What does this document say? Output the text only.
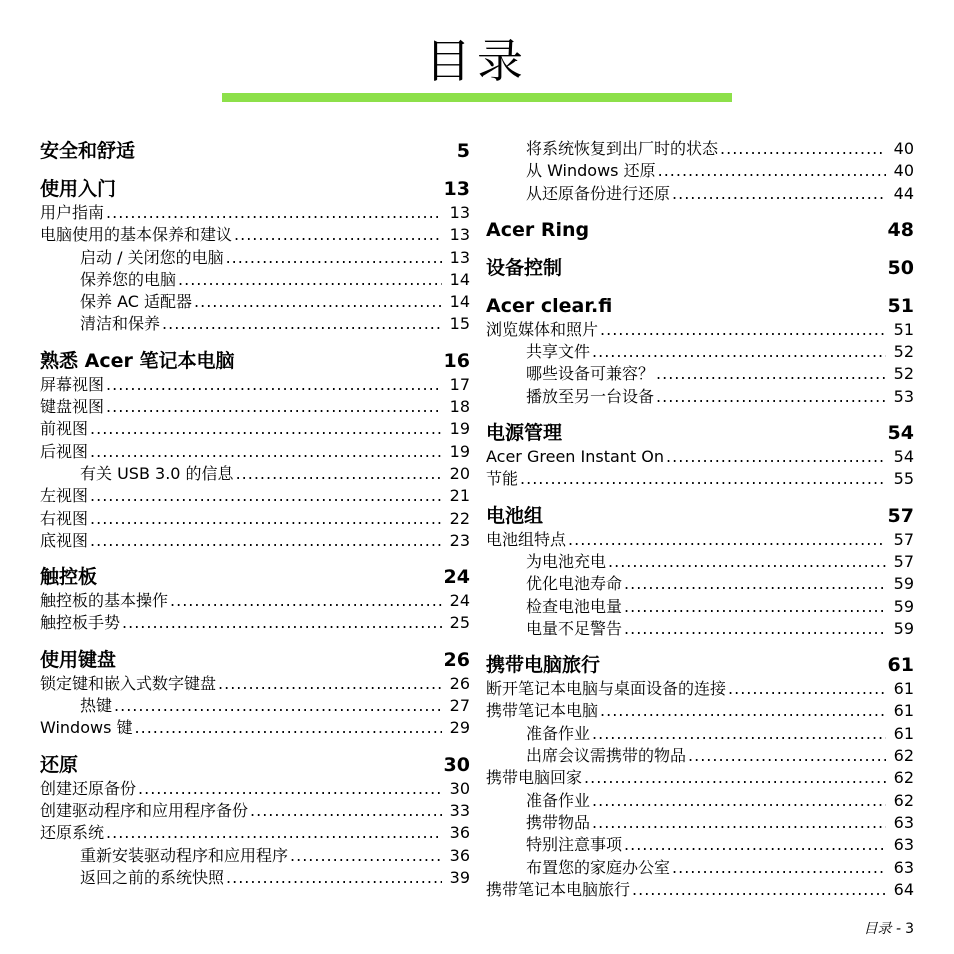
目录
安全和舒适	5
使用入门	13
用户指南 .....	13
电脑使用的基本保养和建议 .....	13
启动 / 关闭您的电脑 .....	13
保养您的电脑 .....	14
保养 AC 适配器 .....	14
清洁和保养 .....	15
熟悉 Acer 笔记本电脑	16
屏幕视图 .....	17
键盘视图 .....	18
前视图 .....	19
后视图 .....	19
有关 USB 3.0 的信息 .....	20
左视图 .....	21
右视图 .....	22
底视图 .....	23
触控板	24
触控板的基本操作 .....	24
触控板手势 .....	25
使用键盘	26
锁定键和嵌入式数字键盘 .....	26
热键 .....	27
Windows 键 .....	29
还原	30
创建还原备份 .....	30
创建驱动程序和应用程序备份 .....	33
还原系统 .....	36
重新安装驱动程序和应用程序 .....	36
返回之前的系统快照 .....	39
将系统恢复到出厂时的状态 .....	40
从 Windows 还原 .....	40
从还原备份进行还原 .....	44
Acer Ring	48
设备控制	50
Acer clear.fi	51
浏览媒体和照片 .....	51
共享文件 .....	52
哪些设备可兼容？ .....	52
播放至另一台设备 .....	53
电源管理	54
Acer Green Instant On .....	54
节能 .....	55
电池组	57
电池组特点 .....	57
为电池充电 .....	57
优化电池寿命 .....	59
检查电池电量 .....	59
电量不足警告 .....	59
携带电脑旅行	61
断开笔记本电脑与桌面设备的连接 .....	61
携带笔记本电脑 .....	61
准备作业 .....	61
出席会议需携带的物品 .....	62
携带电脑回家 .....	62
准备作业 .....	62
携带物品 .....	63
特别注意事项 .....	63
布置您的家庭办公室 .....	63
携带笔记本电脑旅行 .....	64
目录 - 3
